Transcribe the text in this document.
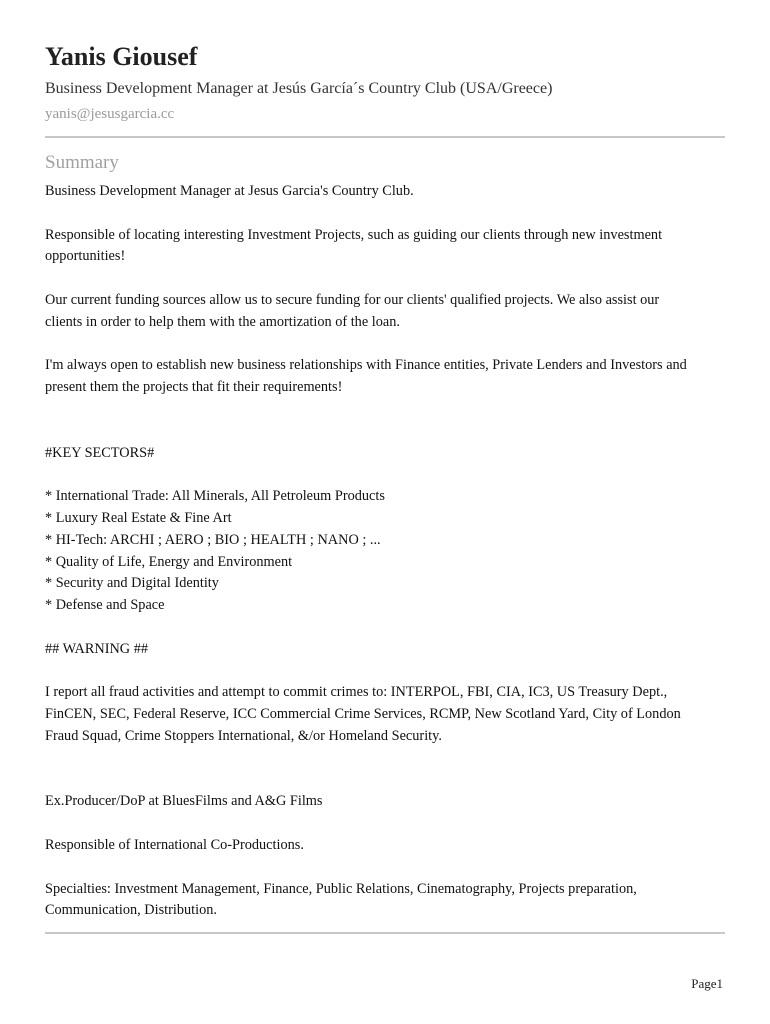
Yanis Giousef
Business Development Manager at Jesús García´s Country Club (USA/Greece)
yanis@jesusgarcia.cc
Summary
Business Development Manager at Jesus Garcia's Country Club.
Responsible of locating interesting Investment Projects, such as guiding our clients through new investment
opportunities!
Our current funding sources allow us to secure funding for our clients' qualified projects. We also assist our
clients in order to help them with the amortization of the loan.
I'm always open to establish new business relationships with Finance entities, Private Lenders and Investors and
present them the projects that fit their requirements!
#KEY SECTORS#
* International Trade: All Minerals, All Petroleum Products
* Luxury Real Estate & Fine Art
* HI-Tech: ARCHI ; AERO ; BIO ; HEALTH ; NANO ; ...
* Quality of Life, Energy and Environment
* Security and Digital Identity
* Defense and Space
## WARNING ##
I report all fraud activities and attempt to commit crimes to: INTERPOL, FBI, CIA, IC3, US Treasury Dept.,
FinCEN, SEC, Federal Reserve, ICC Commercial Crime Services, RCMP, New Scotland Yard, City of London
Fraud Squad, Crime Stoppers International, &/or Homeland Security.
Ex.Producer/DoP at BluesFilms and A&G Films
Responsible of International Co-Productions.
Specialties: Investment Management, Finance, Public Relations, Cinematography, Projects preparation,
Communication, Distribution.
Page1
